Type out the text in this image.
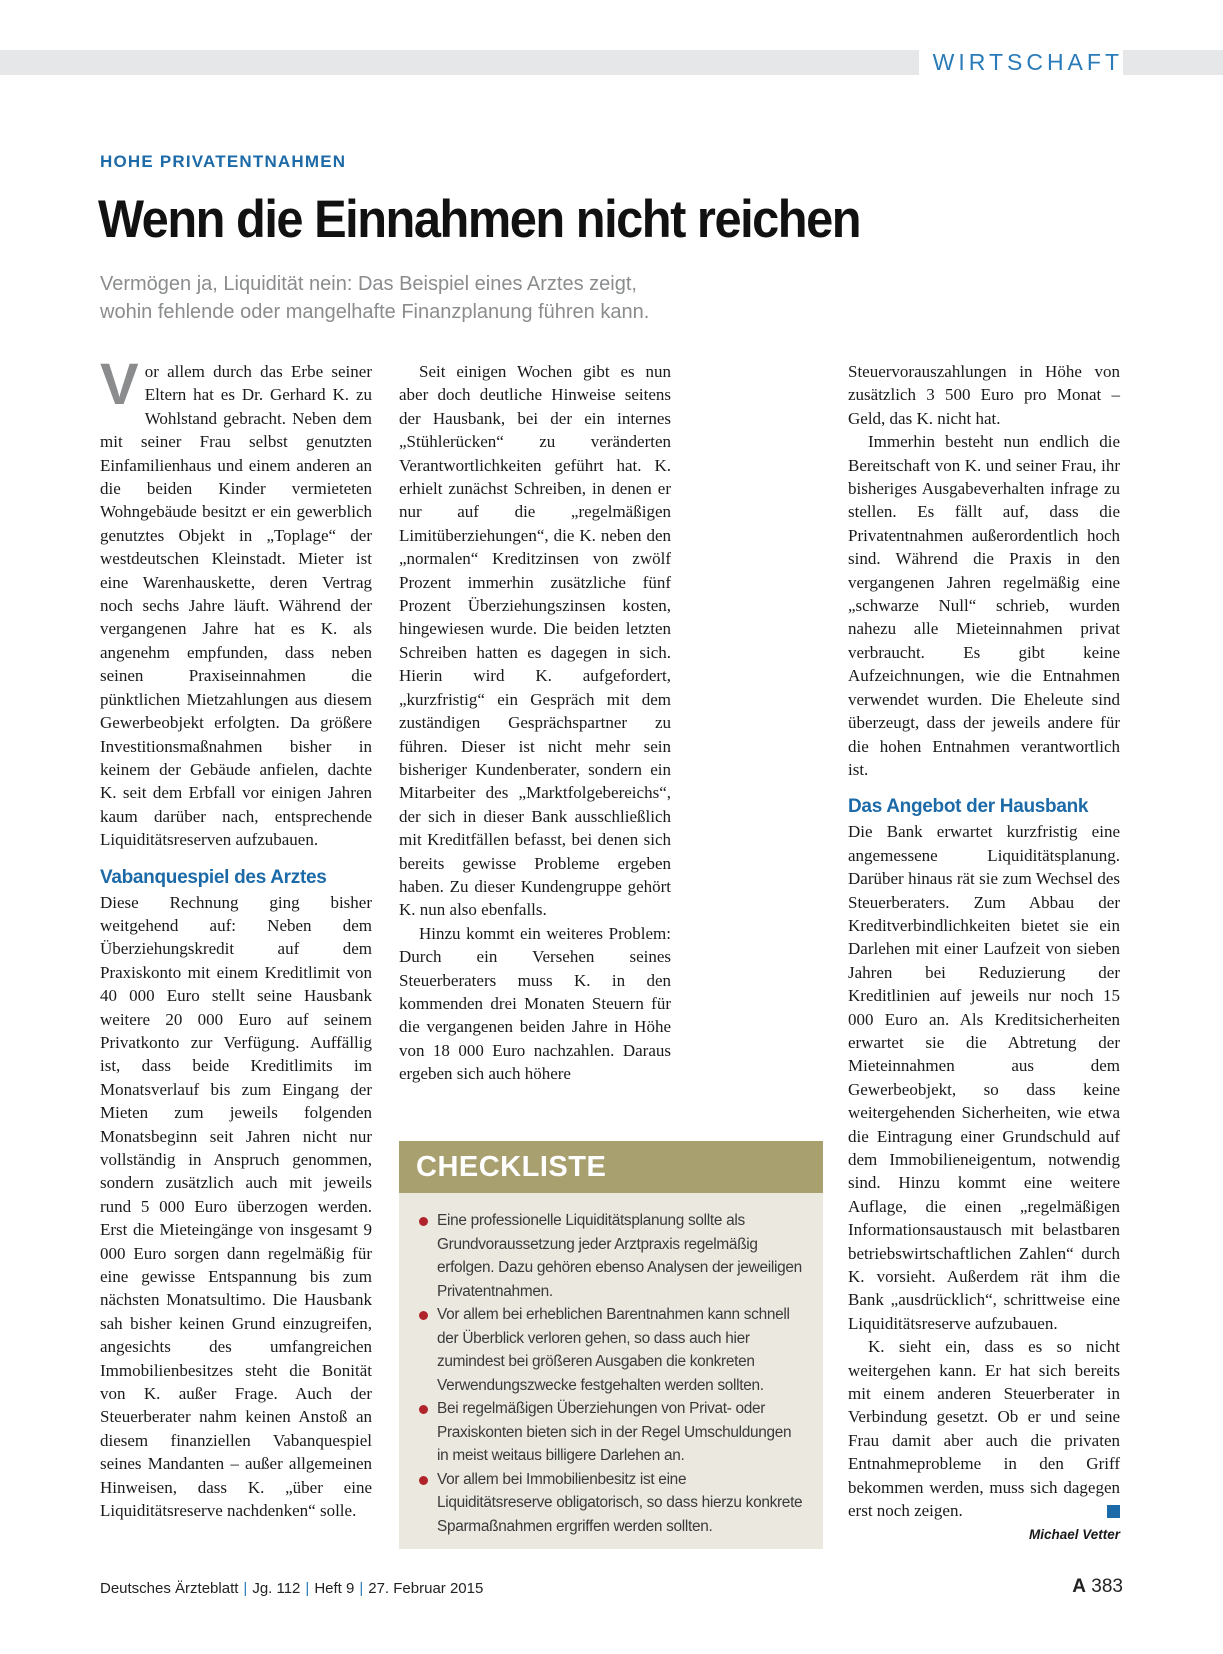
WIRTSCHAFT
HOHE PRIVATENTNAHMEN
Wenn die Einnahmen nicht reichen
Vermögen ja, Liquidität nein: Das Beispiel eines Arztes zeigt,
wohin fehlende oder mangelhafte Finanzplanung führen kann.

Vor allem durch das Erbe seiner Eltern hat es Dr. Gerhard K. zu Wohlstand gebracht. Neben dem mit seiner Frau selbst genutzten Einfamilienhaus und einem anderen an die beiden Kinder vermieteten Wohngebäude besitzt er ein gewerblich genutztes Objekt in „Toplage“ der westdeutschen Kleinstadt. Mieter ist eine Warenhauskette, deren Vertrag noch sechs Jahre läuft. Während der vergangenen Jahre hat es K. als angenehm empfunden, dass neben seinen Praxiseinnahmen die pünktlichen Mietzahlungen aus diesem Gewerbeobjekt erfolgten. Da größere Investitionsmaßnahmen bisher in keinem der Gebäude anfielen, dachte K. seit dem Erbfall vor einigen Jahren kaum darüber nach, entsprechende Liquiditätsreserven aufzubauen.

Vabanquespiel des Arztes

Diese Rechnung ging bisher weitgehend auf: Neben dem Überziehungskredit auf dem Praxiskonto mit einem Kreditlimit von 40 000 Euro stellt seine Hausbank weitere 20 000 Euro auf seinem Privatkonto zur Verfügung. Auffällig ist, dass beide Kreditlimits im Monatsverlauf bis zum Eingang der Mieten zum jeweils folgenden Monatsbeginn seit Jahren nicht nur vollständig in Anspruch genommen, sondern zusätzlich auch mit jeweils rund 5 000 Euro überzogen werden. Erst die Mieteingänge von insgesamt 9 000 Euro sorgen dann regelmäßig für eine gewisse Entspannung bis zum nächsten Monatsultimo. Die Hausbank sah bisher keinen Grund einzugreifen, angesichts des umfangreichen Immobilienbesitzes steht die Bonität von K. außer Frage. Auch der Steuerberater nahm keinen Anstoß an diesem finanziellen Vabanquespiel seines Mandanten – außer allgemeinen Hinweisen, dass K. „über eine Liquiditätsreserve nachdenken“ solle.

Seit einigen Wochen gibt es nun aber doch deutliche Hinweise seitens der Hausbank, bei der ein internes „Stühlerücken“ zu veränderten Verantwortlichkeiten geführt hat. K. erhielt zunächst Schreiben, in denen er nur auf die „regelmäßigen Limitüberziehungen“, die K. neben den „normalen“ Kreditzinsen von zwölf Prozent immerhin zusätzliche fünf Prozent Überziehungszinsen kosten, hingewiesen wurde. Die beiden letzten Schreiben hatten es dagegen in sich. Hierin wird K. aufgefordert, „kurzfristig“ ein Gespräch mit dem zuständigen Gesprächspartner zu führen. Dieser ist nicht mehr sein bisheriger Kundenberater, sondern ein Mitarbeiter des „Marktfolgebereichs“, der sich in dieser Bank ausschließlich mit Kreditfällen befasst, bei denen sich bereits gewisse Probleme ergeben haben. Zu dieser Kundengruppe gehört K. nun also ebenfalls.

Hinzu kommt ein weiteres Problem: Durch ein Versehen seines Steuerberaters muss K. in den kommenden drei Monaten Steuern für die vergangenen beiden Jahre in Höhe von 18 000 Euro nachzahlen. Daraus ergeben sich auch höhere

CHECKLISTE
Eine professionelle Liquiditätsplanung sollte als Grundvoraussetzung jeder Arztpraxis regelmäßig erfolgen. Dazu gehören ebenso Analysen der jeweiligen Privatentnahmen.
Vor allem bei erheblichen Barentnahmen kann schnell der Überblick verloren gehen, so dass auch hier zumindest bei größeren Ausgaben die konkreten Verwendungszwecke festgehalten werden sollten.
Bei regelmäßigen Überziehungen von Privat- oder Praxiskonten bieten sich in der Regel Umschuldungen in meist weitaus billigere Darlehen an.
Vor allem bei Immobilienbesitz ist eine Liquiditätsreserve obligatorisch, so dass hierzu konkrete Sparmaßnahmen ergriffen werden sollten.

Steuervorauszahlungen in Höhe von zusätzlich 3 500 Euro pro Monat – Geld, das K. nicht hat.

Immerhin besteht nun endlich die Bereitschaft von K. und seiner Frau, ihr bisheriges Ausgabeverhalten infrage zu stellen. Es fällt auf, dass die Privatentnahmen außerordentlich hoch sind. Während die Praxis in den vergangenen Jahren regelmäßig eine „schwarze Null“ schrieb, wurden nahezu alle Mieteinnahmen privat verbraucht. Es gibt keine Aufzeichnungen, wie die Entnahmen verwendet wurden. Die Eheleute sind überzeugt, dass der jeweils andere für die hohen Entnahmen verantwortlich ist.

Das Angebot der Hausbank

Die Bank erwartet kurzfristig eine angemessene Liquiditätsplanung. Darüber hinaus rät sie zum Wechsel des Steuerberaters. Zum Abbau der Kreditverbindlichkeiten bietet sie ein Darlehen mit einer Laufzeit von sieben Jahren bei Reduzierung der Kreditlinien auf jeweils nur noch 15 000 Euro an. Als Kreditsicherheiten erwartet sie die Abtretung der Mieteinnahmen aus dem Gewerbeobjekt, so dass keine weitergehenden Sicherheiten, wie etwa die Eintragung einer Grundschuld auf dem Immobilieneigentum, notwendig sind. Hinzu kommt eine weitere Auflage, die einen „regelmäßigen Informationsaustausch mit belastbaren betriebswirtschaftlichen Zahlen“ durch K. vorsieht. Außerdem rät ihm die Bank „ausdrücklich“, schrittweise eine Liquiditätsreserve aufzubauen.

K. sieht ein, dass es so nicht weitergehen kann. Er hat sich bereits mit einem anderen Steuerberater in Verbindung gesetzt. Ob er und seine Frau damit aber auch die privaten Entnahmeprobleme in den Griff bekommen werden, muss sich dagegen erst noch zeigen.

Michael Vetter
Deutsches Ärzteblatt | Jg. 112 | Heft 9 | 27. Februar 2015	A 383
